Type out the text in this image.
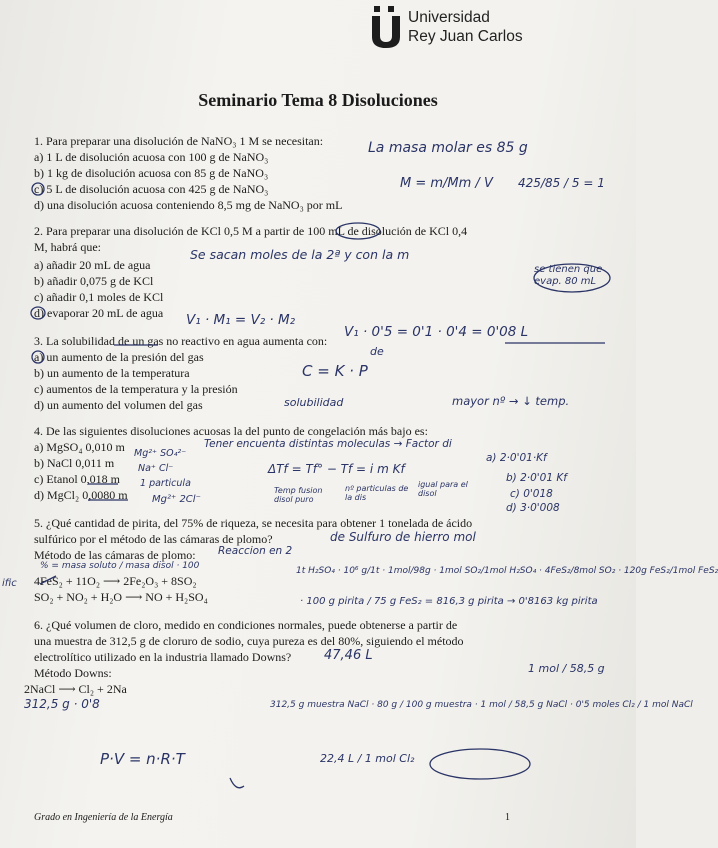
Universidad
Rey Juan Carlos
Seminario Tema 8 Disoluciones
1. Para preparar una disolución de NaNO₃ 1 M se necesitan:
a) 1 L de disolución acuosa con 100 g de NaNO₃
b) 1 kg de disolución acuosa con 85 g de NaNO₃
c) 5 L de disolución acuosa con 425 g de NaNO₃
d) una disolución acuosa conteniendo 8,5 mg de NaNO₃ por mL
2. Para preparar una disolución de KCl 0,5 M a partir de 100 mL de disolución de KCl 0,4
M, habrá que:
a) añadir 20 mL de agua
b) añadir 0,075 g de KCl
c) añadir 0,1 moles de KCl
d) evaporar 20 mL de agua
3. La solubilidad de un gas no reactivo en agua aumenta con:
a) un aumento de la presión del gas
b) un aumento de la temperatura
c) aumentos de la temperatura y la presión
d) un aumento del volumen del gas
4. De las siguientes disoluciones acuosas la del punto de congelación más bajo es:
a) MgSO₄ 0,010 m
b) NaCl 0,011 m
c) Etanol 0,018 m
d) MgCl₂ 0,0080 m
5. ¿Qué cantidad de pirita, del 75% de riqueza, se necesita para obtener 1 tonelada de ácido
sulfúrico por el método de las cámaras de plomo?
Método de las cámaras de plomo:
4FeS₂ + 11O₂ ⟶ 2Fe₂O₃ + 8SO₂
SO₂ + NO₂ + H₂O ⟶ NO + H₂SO₄
6. ¿Qué volumen de cloro, medido en condiciones normales, puede obtenerse a partir de
una muestra de 312,5 g de cloruro de sodio, cuya pureza es del 80%, siguiendo el método
electrolítico utilizado en la industria llamado Downs?
Método Downs:
2NaCl ⟶ Cl₂ + 2Na
La masa molar es 85 g
M = m/Mm / V 425/85 / 5 = 1
Se sacan moles de la 2ª y con la m
se tienen que evap. 80 mL
V₁ · M₁ = V₂ · M₂
V₁ · 0'5 = 0'1 · 0'4 = 0'08 L
de
C = K · P
solubilidad	mayor nº → ↓ temp.
Tener encuenta distintas moleculas → Factor di
Mg²⁺ SO₄²⁻
Na⁺ Cl⁻
1 particula
Mg²⁺ 2Cl⁻
ΔTf = Tf° − Tf = i m Kf
Temp fusion disol puro
nº particulas de la dis
igual para el disol
a) 2·0'01·Kf
b) 2·0'01 Kf
c) 0'018
d) 3·0'008
de Sulfuro de hierro mol
Reaccion en 2
% = masa soluto / masa disol · 100
ific
1t H₂SO₄ · 10⁶ g/1t · 1mol/98g · 1mol SO₂/1mol H₂SO₄ · 4FeS₂/8mol SO₂ · 120g FeS₂/1mol FeS₂
· 100 g pirita / 75 g FeS₂ = 816,3 g pirita → 0'8163 kg pirita
47,46 L
312,5 g · 0'8
1 mol / 58,5 g
312,5 g muestra NaCl · 80 g / 100 g muestra · 1 mol / 58,5 g NaCl · 0'5 moles Cl₂ / 1 mol NaCl
P·V = n·R·T	22,4 L / 1 mol Cl₂
Grado en Ingeniería de la Energía	1
